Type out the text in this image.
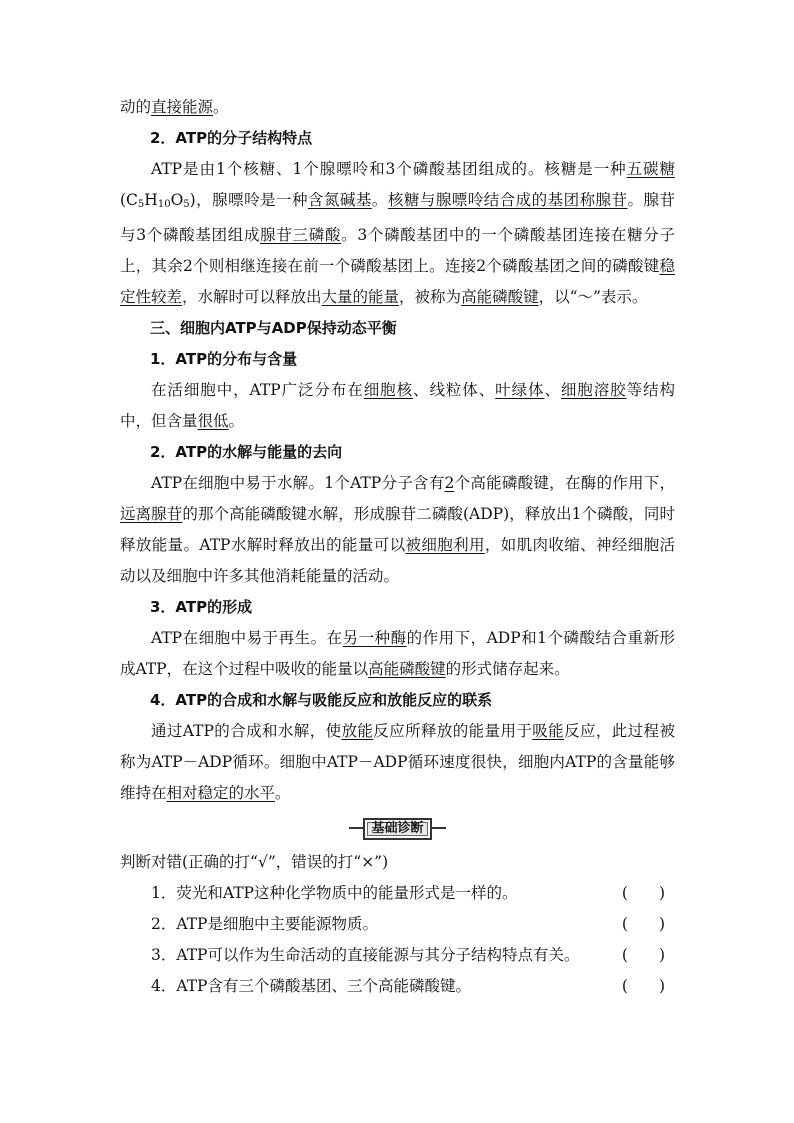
动的直接能源。

2．ATP的分子结构特点

ATP是由1个核糖、1个腺嘌呤和3个磷酸基团组成的。核糖是一种五碳糖$(C_5H_{10}O_5)$，腺嘌呤是一种含氮碱基。核糖与腺嘌呤结合成的基团称腺苷。腺苷与3个磷酸基团组成腺苷三磷酸。3个磷酸基团中的一个磷酸基团连接在糖分子上，其余2个则相继连接在前一个磷酸基团上。连接2个磷酸基团之间的磷酸键稳定性较差，水解时可以释放出大量的能量，被称为高能磷酸键，以“～”表示。

三、细胞内ATP与ADP保持动态平衡

1．ATP的分布与含量

在活细胞中，ATP广泛分布在细胞核、线粒体、叶绿体、细胞溶胶等结构中，但含量很低。

2．ATP的水解与能量的去向

ATP在细胞中易于水解。1个ATP分子含有2个高能磷酸键，在酶的作用下，远离腺苷的那个高能磷酸键水解，形成腺苷二磷酸(ADP)，释放出1个磷酸，同时释放能量。ATP水解时释放出的能量可以被细胞利用，如肌肉收缩、神经细胞活动以及细胞中许多其他消耗能量的活动。

3．ATP的形成

ATP在细胞中易于再生。在另一种酶的作用下，ADP和1个磷酸结合重新形成ATP，在这个过程中吸收的能量以高能磷酸键的形式储存起来。

4．ATP的合成和水解与吸能反应和放能反应的联系

通过ATP的合成和水解，使放能反应所释放的能量用于吸能反应，此过程被称为ATP－ADP循环。细胞中ATP－ADP循环速度很快，细胞内ATP的含量能够维持在相对稳定的水平。

基础诊断

判断对错(正确的打“√”，错误的打“×”)

1．荧光和ATP这种化学物质中的能量形式是一样的。	(　　)
2．ATP是细胞中主要能源物质。	(　　)
3．ATP可以作为生命活动的直接能源与其分子结构特点有关。	(　　)
4．ATP含有三个磷酸基团、三个高能磷酸键。	(　　)
